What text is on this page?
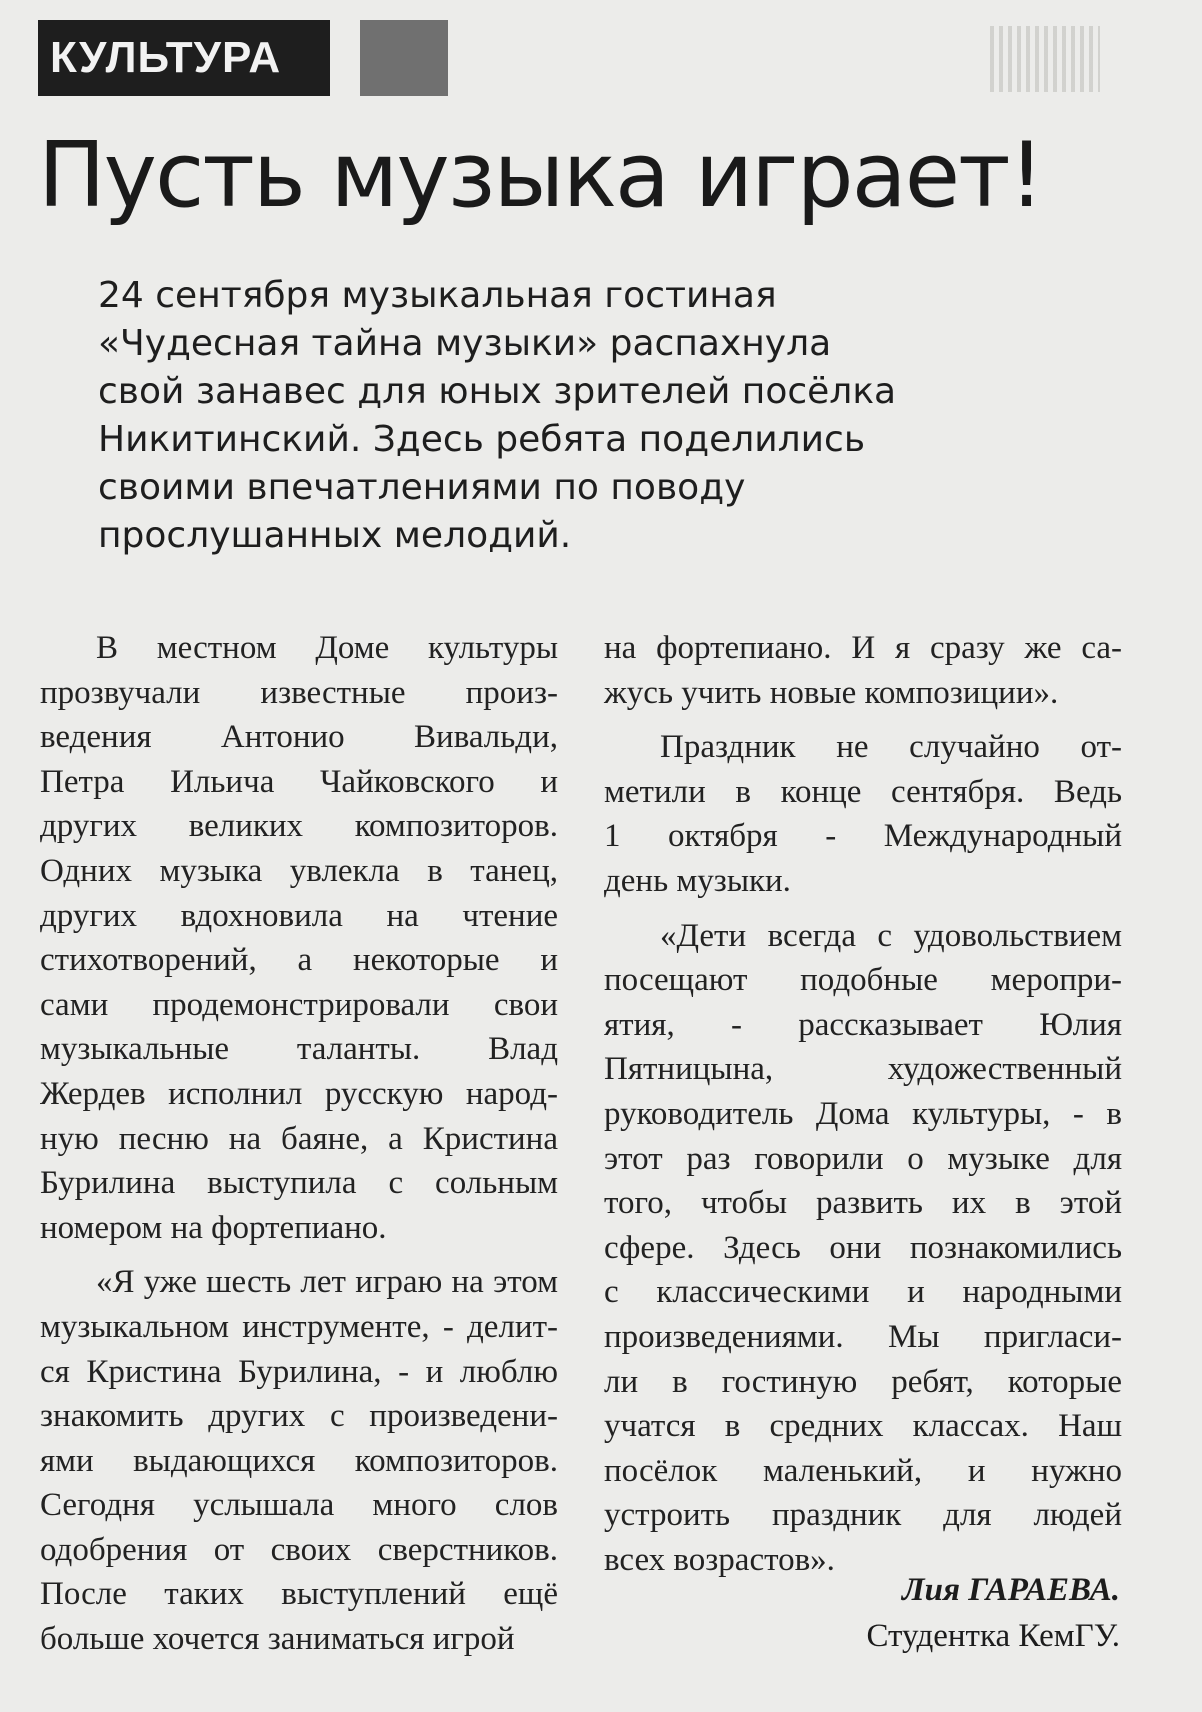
КУЛЬТУРА
Пусть музыка играет!
24 сентября музыкальная гостиная
«Чудесная тайна музыки» распахнула
свой занавес для юных зрителей посёлка
Никитинский. Здесь ребята поделились
своими впечатлениями по поводу
прослушанных мелодий.

В местном Доме культуры
прозвучали известные произ-
ведения Антонио Вивальди,
Петра Ильича Чайковского и
других великих композиторов.
Одних музыка увлекла в танец,
других вдохновила на чтение
стихотворений, а некоторые и
сами продемонстрировали свои
музыкальные таланты. Влад
Жердев исполнил русскую народ-
ную песню на баяне, а Кристина
Бурилина выступила с сольным
номером на фортепиано.

«Я уже шесть лет играю на этом
музыкальном инструменте, - делит-
ся Кристина Бурилина, - и люблю
знакомить других с произведени-
ями выдающихся композиторов.
Сегодня услышала много слов
одобрения от своих сверстников.
После таких выступлений ещё
больше хочется заниматься игрой

на фортепиано. И я сразу же са-
жусь учить новые композиции».

Праздник не случайно от-
метили в конце сентября. Ведь
1 октября - Международный
день музыки.

«Дети всегда с удовольствием
посещают подобные меропри-
ятия, - рассказывает Юлия
Пятницына, художественный
руководитель Дома культуры, - в
этот раз говорили о музыке для
того, чтобы развить их в этой
сфере. Здесь они познакомились
с классическими и народными
произведениями. Мы пригласи-
ли в гостиную ребят, которые
учатся в средних классах. Наш
посёлок маленький, и нужно
устроить праздник для людей
всех возрастов».

Лия ГАРАЕВА.
Студентка КемГУ.
